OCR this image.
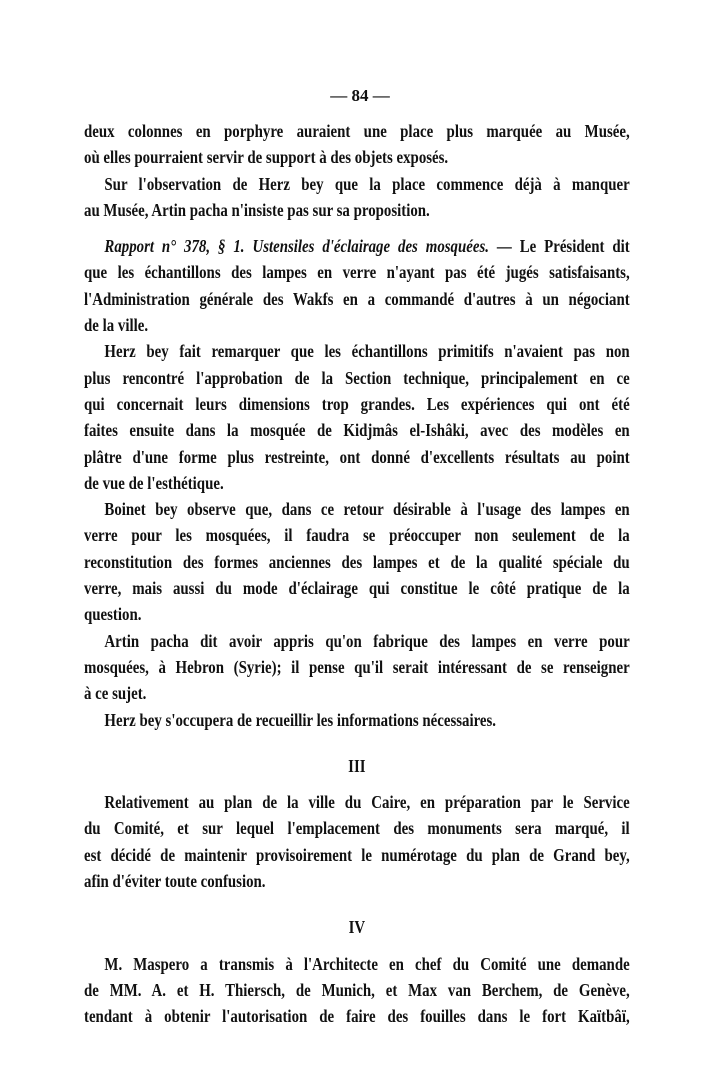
— 84 —
deux colonnes en porphyre auraient une place plus marquée au Musée,
où elles pourraient servir de support à des objets exposés.
Sur l'observation de Herz bey que la place commence déjà à manquer
au Musée, Artin pacha n'insiste pas sur sa proposition.
Rapport n° 378, § 1. Ustensiles d'éclairage des mosquées. — Le Président dit
que les échantillons des lampes en verre n'ayant pas été jugés satisfaisants,
l'Administration générale des Wakfs en a commandé d'autres à un négociant
de la ville.
Herz bey fait remarquer que les échantillons primitifs n'avaient pas non
plus rencontré l'approbation de la Section technique, principalement en ce
qui concernait leurs dimensions trop grandes. Les expériences qui ont été
faites ensuite dans la mosquée de Kidjmâs el-Ishâki, avec des modèles en
plâtre d'une forme plus restreinte, ont donné d'excellents résultats au point
de vue de l'esthétique.
Boinet bey observe que, dans ce retour désirable à l'usage des lampes en
verre pour les mosquées, il faudra se préoccuper non seulement de la
reconstitution des formes anciennes des lampes et de la qualité spéciale du
verre, mais aussi du mode d'éclairage qui constitue le côté pratique de la
question.
Artin pacha dit avoir appris qu'on fabrique des lampes en verre pour
mosquées, à Hebron (Syrie); il pense qu'il serait intéressant de se renseigner
à ce sujet.
Herz bey s'occupera de recueillir les informations nécessaires.
III
Relativement au plan de la ville du Caire, en préparation par le Service
du Comité, et sur lequel l'emplacement des monuments sera marqué, il
est décidé de maintenir provisoirement le numérotage du plan de Grand bey,
afin d'éviter toute confusion.
IV
M. Maspero a transmis à l'Architecte en chef du Comité une demande
de MM. A. et H. Thiersch, de Munich, et Max van Berchem, de Genève,
tendant à obtenir l'autorisation de faire des fouilles dans le fort Kaïtbâï,
